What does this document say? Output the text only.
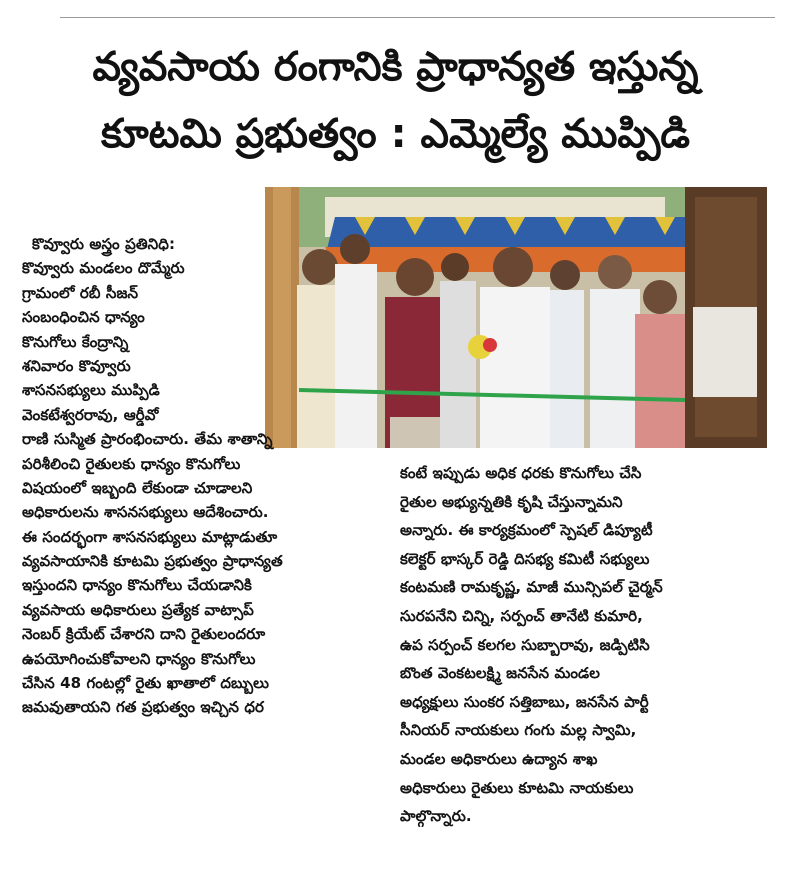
వ్యవసాయ రంగానికి ప్రాధాన్యత ఇస్తున్న
కూటమి ప్రభుత్వం : ఎమ్మెల్యే ముప్పిడి
కొవ్వూరు అస్త్రం ప్రతినిధి:
కొవ్వూరు మండలం దొమ్మేరు
గ్రామంలో రబీ సీజన్
సంబంధించిన ధాన్యం
కొనుగోలు కేంద్రాన్ని
శనివారం కొవ్వూరు
శాసనసభ్యులు ముప్పిడి
వెంకటేశ్వరరావు, ఆర్డీవో
రాణి సుస్మిత ప్రారంభించారు. తేమ శాతాన్ని
పరిశీలించి రైతులకు ధాన్యం కొనుగోలు
విషయంలో ఇబ్బంది లేకుండా చూడాలని
అధికారులను శాసనసభ్యులు ఆదేశించారు.
ఈ సందర్భంగా శాసనసభ్యులు మాట్లాడుతూ
వ్యవసాయానికి కూటమి ప్రభుత్వం ప్రాధాన్యత
ఇస్తుందని ధాన్యం కొనుగోలు చేయడానికి
వ్యవసాయ అధికారులు ప్రత్యేక వాట్సాప్
నెంబర్ క్రియేట్ చేశారని దాని రైతులందరూ
ఉపయోగించుకోవాలని ధాన్యం కొనుగోలు
చేసిన 48 గంటల్లో రైతు ఖాతాలో దబ్బులు
జమవుతాయని గత ప్రభుత్వం ఇచ్చిన ధర
కంటే ఇప్పుడు అధిక ధరకు కొనుగోలు చేసి
రైతుల అభ్యున్నతికి కృషి చేస్తున్నామని
అన్నారు. ఈ కార్యక్రమంలో స్పెషల్ డిప్యూటీ
కలెక్టర్ భాస్కర్ రెడ్డి దిసభ్య కమిటీ సభ్యులు
కంటమణి రామకృష్ణ, మాజీ మున్సిపల్ చైర్మన్
సురపనేని చిన్ని, సర్పంచ్ తానేటి కుమారి,
ఉప సర్పంచ్ కలగల సుబ్బారావు, జడ్పిటిసి
బొంత వెంకటలక్ష్మి జనసేన మండల
అధ్యక్షులు సుంకర సత్తిబాబు, జనసేన పార్టీ
సీనియర్ నాయకులు గంగు మల్ల స్వామి,
మండల అధికారులు ఉద్యాన శాఖ
అధికారులు రైతులు కూటమి నాయకులు
పాల్గొన్నారు.
